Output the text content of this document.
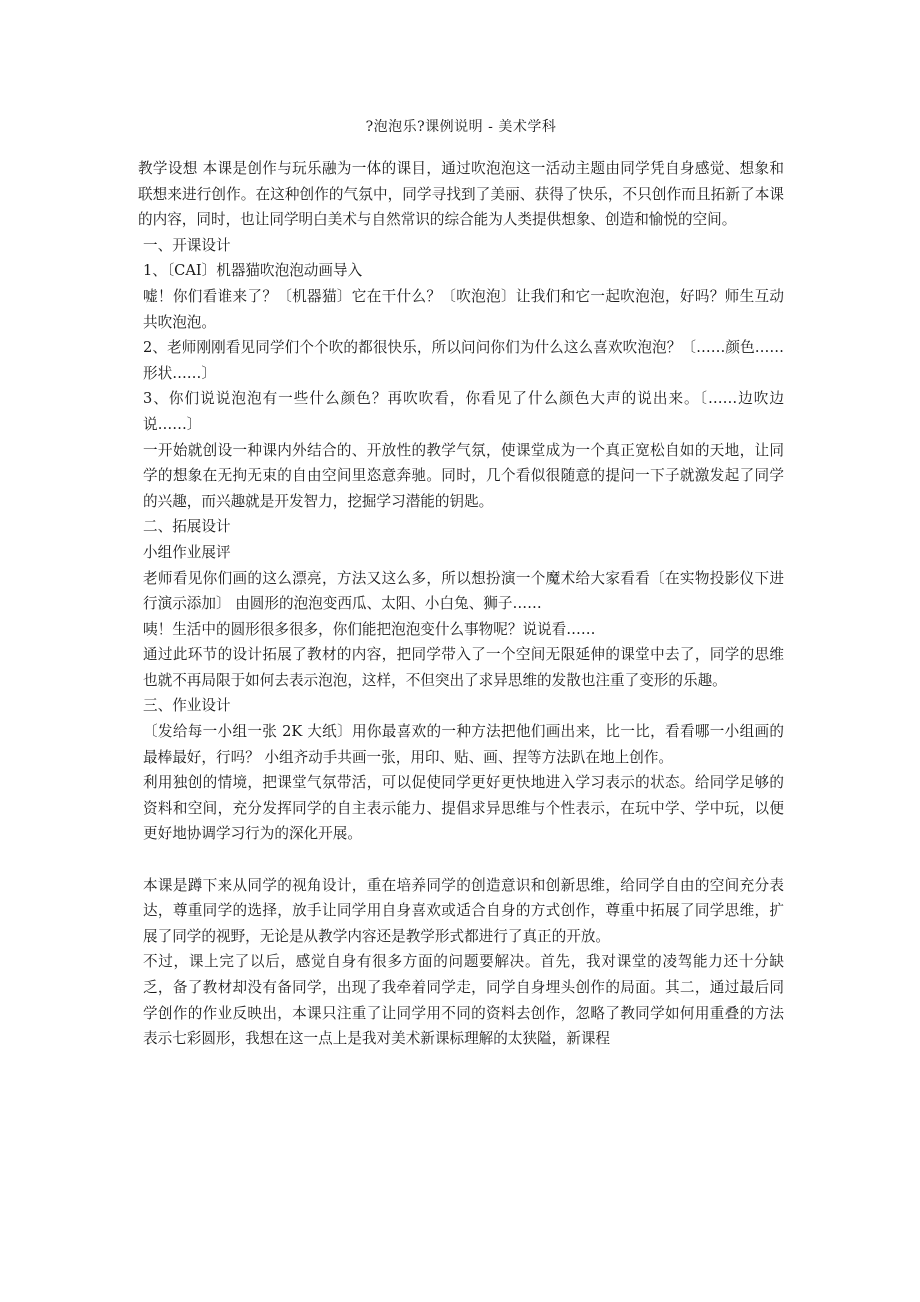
?泡泡乐?课例说明 - 美术学科

教学设想 本课是创作与玩乐融为一体的课目，通过吹泡泡这一活动主题由同学凭自身感觉、想象和联想来进行创作。在这种创作的气氛中，同学寻找到了美丽、获得了快乐，不只创作而且拓新了本课的内容，同时，也让同学明白美术与自然常识的综合能为人类提供想象、创造和愉悦的空间。

一、开课设计

1、〔CAI〕机器猫吹泡泡动画导入

嘘！你们看谁来了？〔机器猫〕它在干什么？〔吹泡泡〕让我们和它一起吹泡泡，好吗？师生互动共吹泡泡。

2、老师刚刚看见同学们个个吹的都很快乐，所以问问你们为什么这么喜欢吹泡泡？〔……颜色……形状……〕

3、你们说说泡泡有一些什么颜色？再吹吹看，你看见了什么颜色大声的说出来。〔……边吹边说……〕

一开始就创设一种课内外结合的、开放性的教学气氛，使课堂成为一个真正宽松自如的天地，让同学的想象在无拘无束的自由空间里恣意奔驰。同时，几个看似很随意的提问一下子就激发起了同学的兴趣，而兴趣就是开发智力，挖掘学习潜能的钥匙。

二、拓展设计

小组作业展评

老师看见你们画的这么漂亮，方法又这么多，所以想扮演一个魔术给大家看看〔在实物投影仪下进行演示添加〕 由圆形的泡泡变西瓜、太阳、小白兔、狮子……

咦！生活中的圆形很多很多，你们能把泡泡变什么事物呢？说说看……

通过此环节的设计拓展了教材的内容，把同学带入了一个空间无限延伸的课堂中去了，同学的思维也就不再局限于如何去表示泡泡，这样，不但突出了求异思维的发散也注重了变形的乐趣。

三、作业设计

〔发给每一小组一张 2K 大纸〕用你最喜欢的一种方法把他们画出来，比一比，看看哪一小组画的最棒最好，行吗？ 小组齐动手共画一张，用印、贴、画、捏等方法趴在地上创作。

利用独创的情境，把课堂气氛带活，可以促使同学更好更快地进入学习表示的状态。给同学足够的资料和空间，充分发挥同学的自主表示能力、提倡求异思维与个性表示，在玩中学、学中玩，以便更好地协调学习行为的深化开展。

本课是蹲下来从同学的视角设计，重在培养同学的创造意识和创新思维，给同学自由的空间充分表达，尊重同学的选择，放手让同学用自身喜欢或适合自身的方式创作，尊重中拓展了同学思维，扩展了同学的视野，无论是从教学内容还是教学形式都进行了真正的开放。

不过，课上完了以后，感觉自身有很多方面的问题要解决。首先，我对课堂的凌驾能力还十分缺乏，备了教材却没有备同学，出现了我牵着同学走，同学自身埋头创作的局面。其二，通过最后同学创作的作业反映出，本课只注重了让同学用不同的资料去创作，忽略了教同学如何用重叠的方法表示七彩圆形，我想在这一点上是我对美术新课标理解的太狭隘，新课程
